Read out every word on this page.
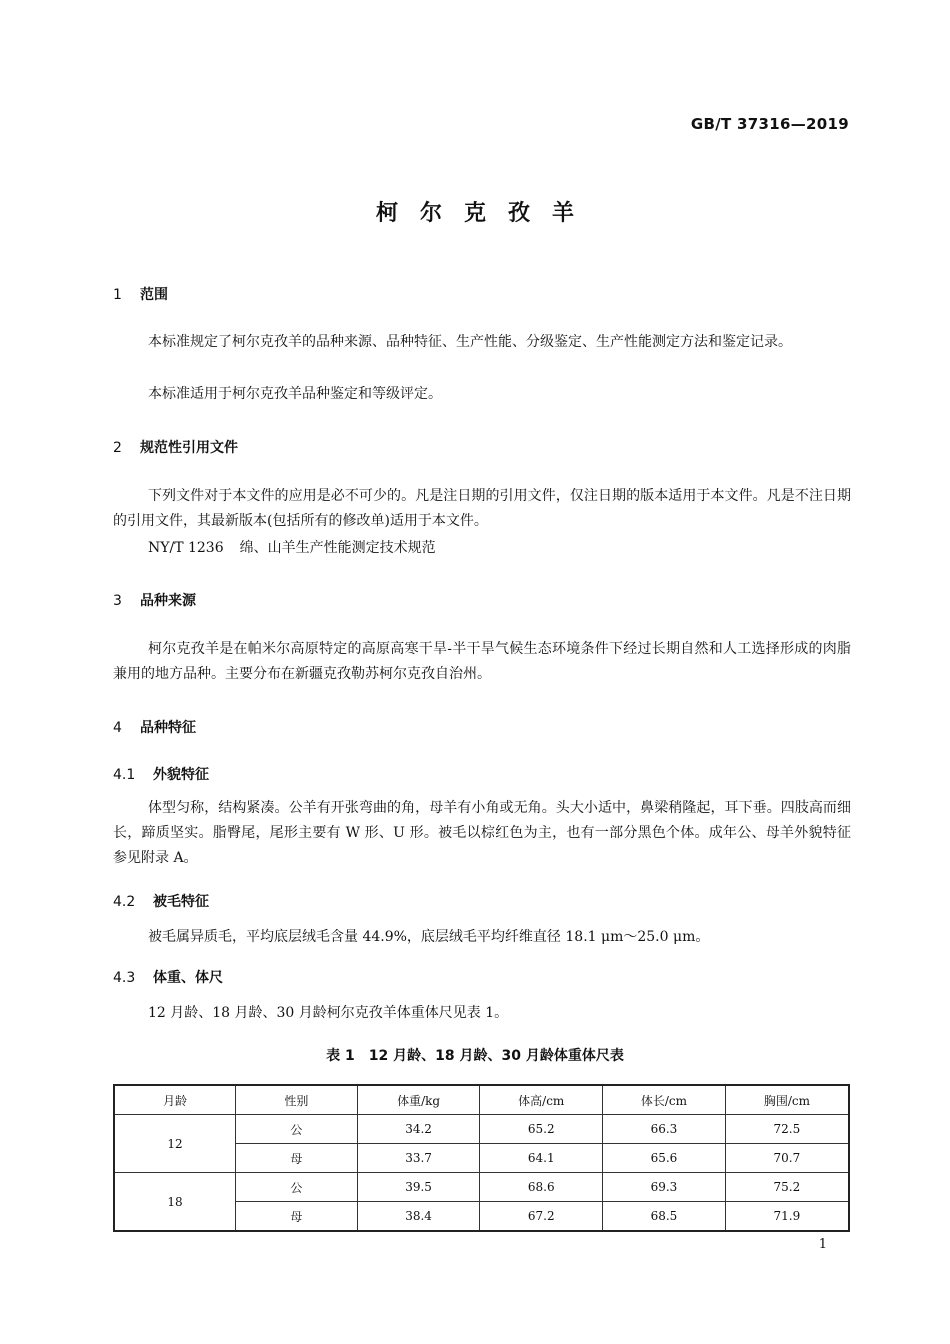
GB/T 37316—2019
柯尔克孜羊
1 范围
本标准规定了柯尔克孜羊的品种来源、品种特征、生产性能、分级鉴定、生产性能测定方法和鉴定记录。
本标准适用于柯尔克孜羊品种鉴定和等级评定。
2 规范性引用文件
下列文件对于本文件的应用是必不可少的。凡是注日期的引用文件，仅注日期的版本适用于本文件。凡是不注日期的引用文件，其最新版本(包括所有的修改单)适用于本文件。
NY/T 1236 绵、山羊生产性能测定技术规范
3 品种来源
柯尔克孜羊是在帕米尔高原特定的高原高寒干旱-半干旱气候生态环境条件下经过长期自然和人工选择形成的肉脂兼用的地方品种。主要分布在新疆克孜勒苏柯尔克孜自治州。
4 品种特征
4.1 外貌特征
体型匀称，结构紧凑。公羊有开张弯曲的角，母羊有小角或无角。头大小适中，鼻梁稍隆起，耳下垂。四肢高而细长，蹄质坚实。脂臀尾，尾形主要有 W 形、U 形。被毛以棕红色为主，也有一部分黑色个体。成年公、母羊外貌特征参见附录 A。
4.2 被毛特征
被毛属异质毛，平均底层绒毛含量 44.9%，底层绒毛平均纤维直径 18.1 μm～25.0 μm。
4.3 体重、体尺
12 月龄、18 月龄、30 月龄柯尔克孜羊体重体尺见表 1。
表 1　12 月龄、18 月龄、30 月龄体重体尺表
月龄	性别	体重/kg	体高/cm	体长/cm	胸围/cm
12	公	34.2	65.2	66.3	72.5
	母	33.7	64.1	65.6	70.7
18	公	39.5	68.6	69.3	75.2
	母	38.4	67.2	68.5	71.9
1
